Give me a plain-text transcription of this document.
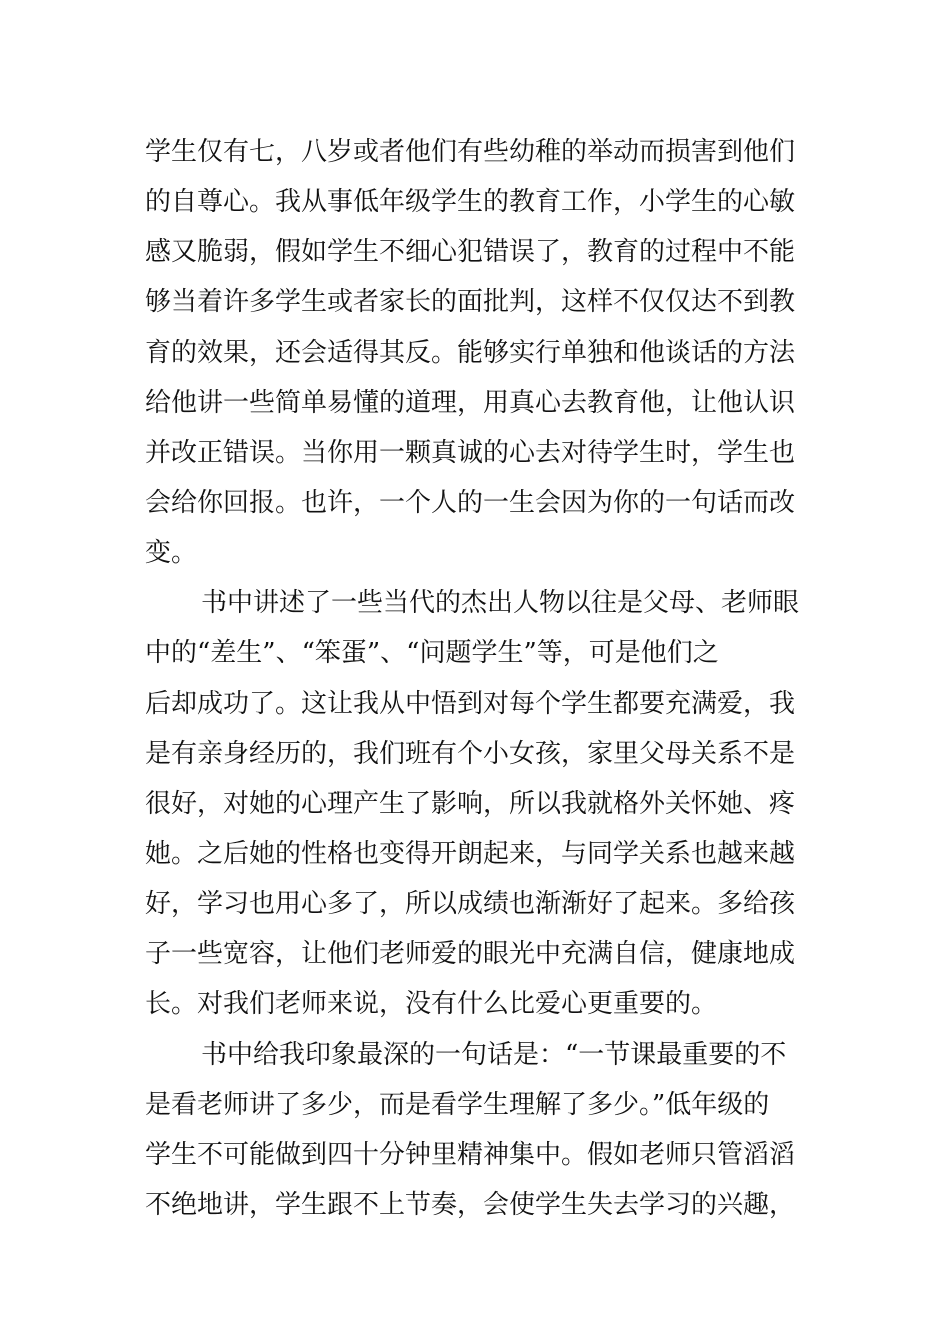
学生仅有七，八岁或者他们有些幼稚的举动而损害到他们
的自尊心。我从事低年级学生的教育工作，小学生的心敏
感又脆弱，假如学生不细心犯错误了，教育的过程中不能
够当着许多学生或者家长的面批判，这样不仅仅达不到教
育的效果，还会适得其反。能够实行单独和他谈话的方法
给他讲一些简单易懂的道理，用真心去教育他，让他认识
并改正错误。当你用一颗真诚的心去对待学生时，学生也
会给你回报。也许，一个人的一生会因为你的一句话而改
变。
书中讲述了一些当代的杰出人物以往是父母、老师眼
中的“差生”、“笨蛋”、“问题学生”等，可是他们之
后却成功了。这让我从中悟到对每个学生都要充满爱，我
是有亲身经历的，我们班有个小女孩，家里父母关系不是
很好，对她的心理产生了影响，所以我就格外关怀她、疼
她。之后她的性格也变得开朗起来，与同学关系也越来越
好，学习也用心多了，所以成绩也渐渐好了起来。多给孩
子一些宽容，让他们老师爱的眼光中充满自信，健康地成
长。对我们老师来说，没有什么比爱心更重要的。
书中给我印象最深的一句话是：“一节课最重要的不
是看老师讲了多少，而是看学生理解了多少。”低年级的
学生不可能做到四十分钟里精神集中。假如老师只管滔滔
不绝地讲，学生跟不上节奏，会使学生失去学习的兴趣，
